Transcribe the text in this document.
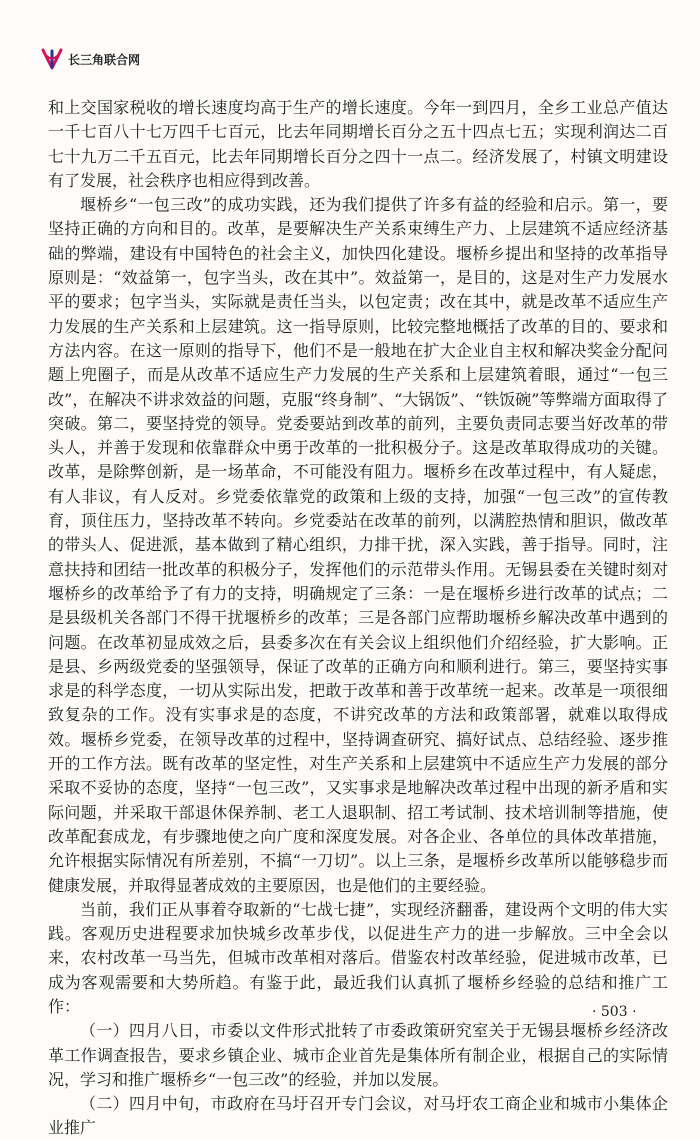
长三角联合网

和上交国家税收的增长速度均高于生产的增长速度。今年一到四月，全乡工业总产值达一千七百八十七万四千七百元，比去年同期增长百分之五十四点七五；实现利润达二百七十九万二千五百元，比去年同期增长百分之四十一点二。经济发展了，村镇文明建设有了发展，社会秩序也相应得到改善。

堰桥乡“一包三改”的成功实践，还为我们提供了许多有益的经验和启示。第一，要坚持正确的方向和目的。改革，是要解决生产关系束缚生产力、上层建筑不适应经济基础的弊端，建设有中国特色的社会主义，加快四化建设。堰桥乡提出和坚持的改革指导原则是：“效益第一，包字当头，改在其中”。效益第一，是目的，这是对生产力发展水平的要求；包字当头，实际就是责任当头，以包定责；改在其中，就是改革不适应生产力发展的生产关系和上层建筑。这一指导原则，比较完整地概括了改革的目的、要求和方法内容。在这一原则的指导下，他们不是一般地在扩大企业自主权和解决奖金分配问题上兜圈子，而是从改革不适应生产力发展的生产关系和上层建筑着眼，通过“一包三改”，在解决不讲求效益的问题，克服“终身制”、“大锅饭”、“铁饭碗”等弊端方面取得了突破。第二，要坚持党的领导。党委要站到改革的前列，主要负责同志要当好改革的带头人，并善于发现和依靠群众中勇于改革的一批积极分子。这是改革取得成功的关键。改革，是除弊创新，是一场革命，不可能没有阻力。堰桥乡在改革过程中，有人疑虑，有人非议，有人反对。乡党委依靠党的政策和上级的支持，加强“一包三改”的宣传教育，顶住压力，坚持改革不转向。乡党委站在改革的前列，以满腔热情和胆识，做改革的带头人、促进派，基本做到了精心组织，力排干扰，深入实践，善于指导。同时，注意扶持和团结一批改革的积极分子，发挥他们的示范带头作用。无锡县委在关键时刻对堰桥乡的改革给予了有力的支持，明确规定了三条：一是在堰桥乡进行改革的试点；二是县级机关各部门不得干扰堰桥乡的改革；三是各部门应帮助堰桥乡解决改革中遇到的问题。在改革初显成效之后，县委多次在有关会议上组织他们介绍经验，扩大影响。正是县、乡两级党委的坚强领导，保证了改革的正确方向和顺利进行。第三，要坚持实事求是的科学态度，一切从实际出发，把敢于改革和善于改革统一起来。改革是一项很细致复杂的工作。没有实事求是的态度，不讲究改革的方法和政策部署，就难以取得成效。堰桥乡党委，在领导改革的过程中，坚持调查研究、搞好试点、总结经验、逐步推开的工作方法。既有改革的坚定性，对生产关系和上层建筑中不适应生产力发展的部分采取不妥协的态度，坚持“一包三改”，又实事求是地解决改革过程中出现的新矛盾和实际问题，并采取干部退休保养制、老工人退职制、招工考试制、技术培训制等措施，使改革配套成龙，有步骤地使之向广度和深度发展。对各企业、各单位的具体改革措施，允许根据实际情况有所差别，不搞“一刀切”。以上三条，是堰桥乡改革所以能够稳步而健康发展，并取得显著成效的主要原因，也是他们的主要经验。

当前，我们正从事着夺取新的“七战七捷”，实现经济翻番，建设两个文明的伟大实践。客观历史进程要求加快城乡改革步伐，以促进生产力的进一步解放。三中全会以来，农村改革一马当先，但城市改革相对落后。借鉴农村改革经验，促进城市改革，已成为客观需要和大势所趋。有鉴于此，最近我们认真抓了堰桥乡经验的总结和推广工作：

（一）四月八日，市委以文件形式批转了市委政策研究室关于无锡县堰桥乡经济改革工作调查报告，要求乡镇企业、城市企业首先是集体所有制企业，根据自己的实际情况，学习和推广堰桥乡“一包三改”的经验，并加以发展。

（二）四月中旬，市政府在马圩召开专门会议，对马圩农工商企业和城市小集体企业推广

· 503 ·
